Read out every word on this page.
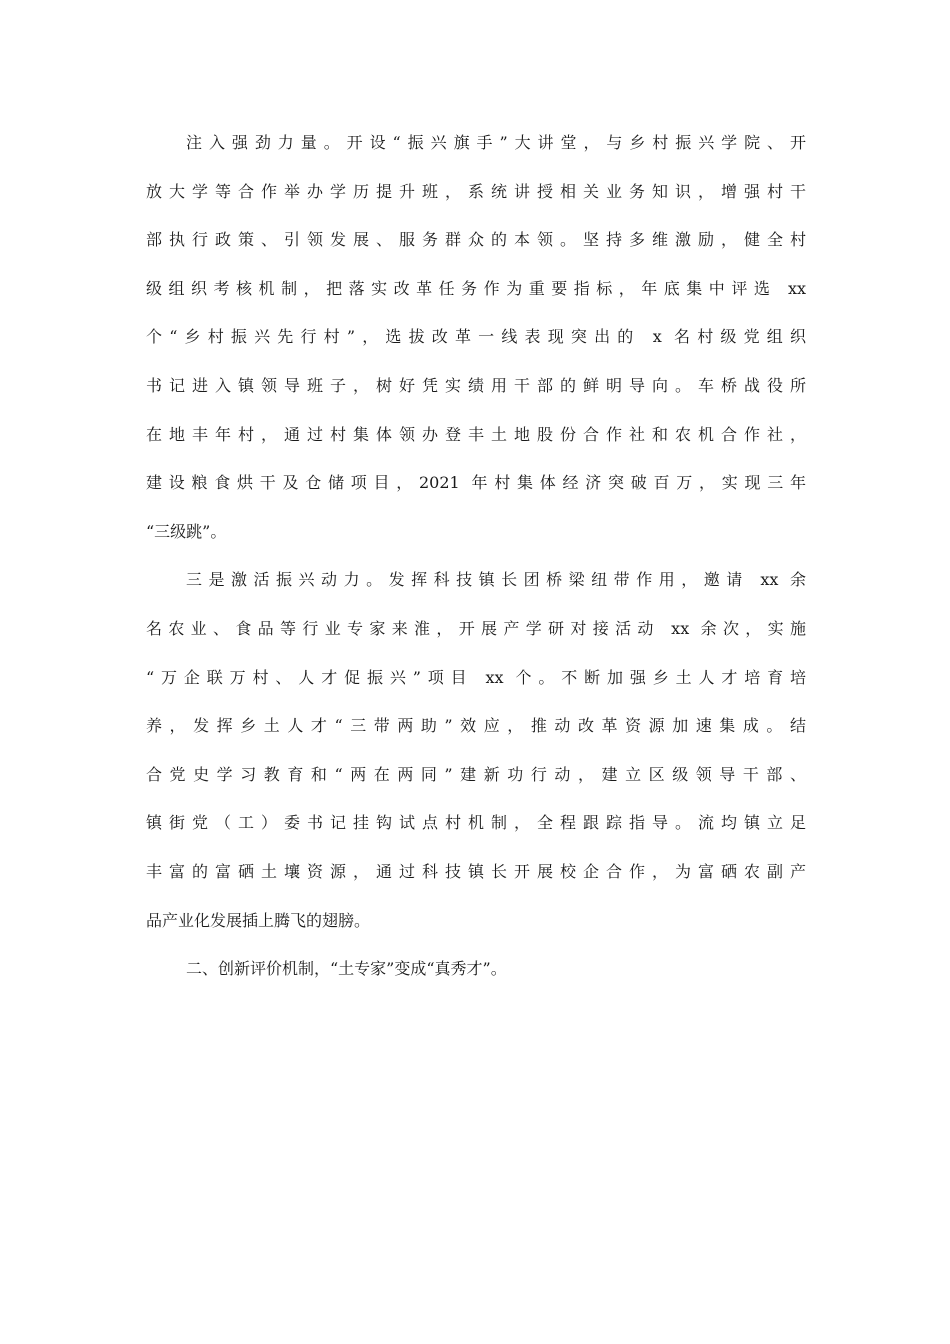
注入强劲力量。开设“振兴旗手”大讲堂，与乡村振兴学院、开
放大学等合作举办学历提升班，系统讲授相关业务知识，增强村干
部执行政策、引领发展、服务群众的本领。坚持多维激励，健全村
级组织考核机制，把落实改革任务作为重要指标，年底集中评选 xx
个“乡村振兴先行村”，选拔改革一线表现突出的 x 名村级党组织
书记进入镇领导班子，树好凭实绩用干部的鲜明导向。车桥战役所
在地丰年村，通过村集体领办登丰土地股份合作社和农机合作社，
建设粮食烘干及仓储项目，2021 年村集体经济突破百万，实现三年
“三级跳”。
三是激活振兴动力。发挥科技镇长团桥梁纽带作用，邀请 xx 余
名农业、食品等行业专家来淮，开展产学研对接活动 xx 余次，实施
“万企联万村、人才促振兴”项目 xx 个。不断加强乡土人才培育培
养，发挥乡土人才“三带两助”效应，推动改革资源加速集成。结
合党史学习教育和“两在两同”建新功行动，建立区级领导干部、
镇街党（工）委书记挂钩试点村机制，全程跟踪指导。流均镇立足
丰富的富硒土壤资源，通过科技镇长开展校企合作，为富硒农副产
品产业化发展插上腾飞的翅膀。
二、创新评价机制，“土专家”变成“真秀才”。
